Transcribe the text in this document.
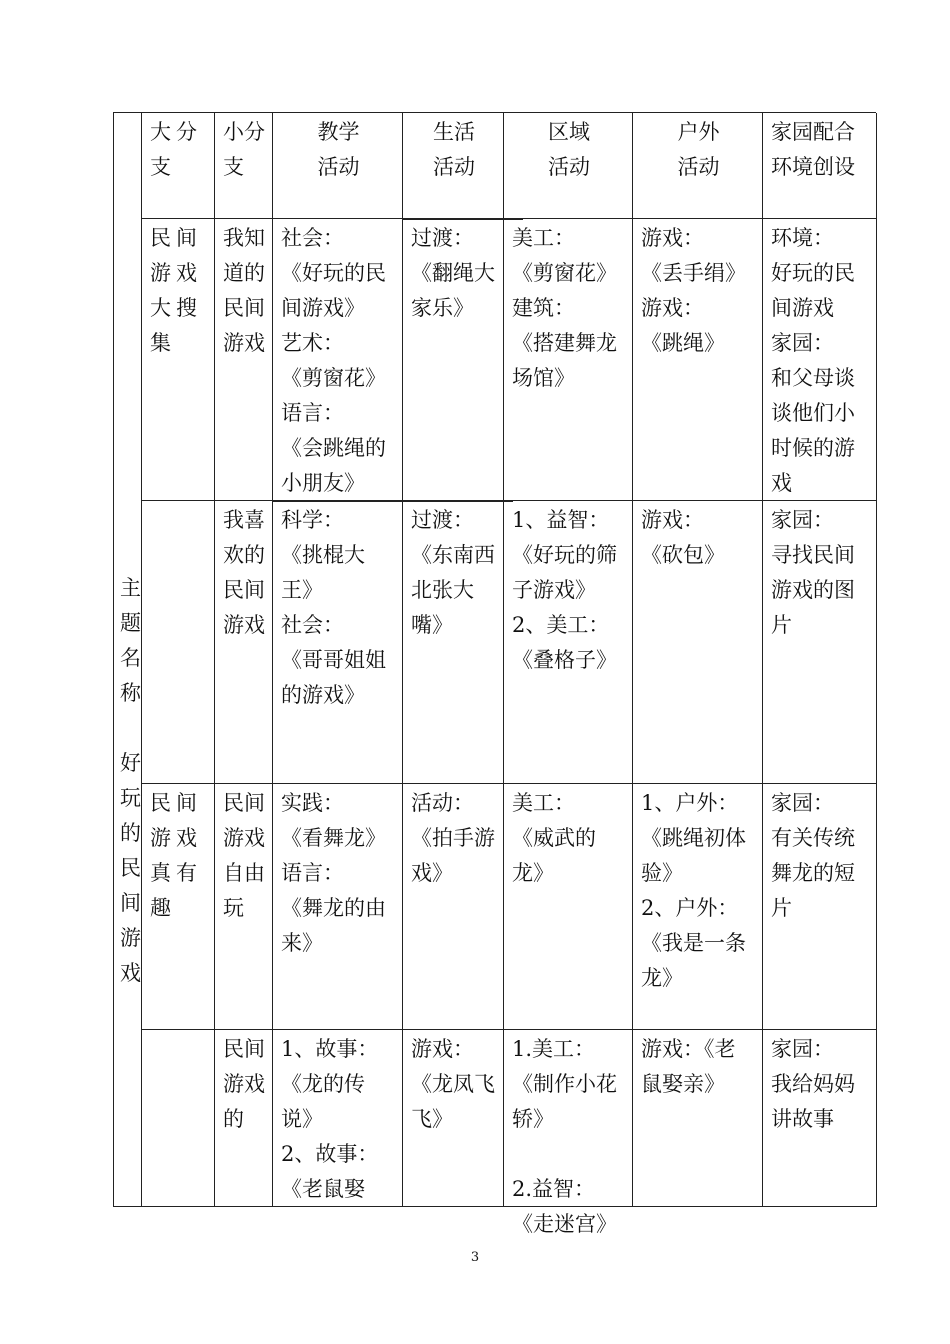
主题名称
好玩的民间游戏
大分支
小分支
教学
活动
生活
活动
区域
活动
户外
活动
家园配合环境创设
民间游戏大搜集
我知道的民间游戏
社会：
《好玩的民间游戏》
艺术：
《剪窗花》
语言：
《会跳绳的小朋友》
过渡：
《翻绳大家乐》
美工：
《剪窗花》
建筑：
《搭建舞龙场馆》
游戏：
《丢手绢》
游戏：
《跳绳》
环境：
好玩的民间游戏
家园：
和父母谈谈他们小时候的游戏
我喜欢的民间游戏
科学：
《挑棍大王》
社会：
《哥哥姐姐的游戏》
过渡：
《东南西北张大嘴》
1、益智：《好玩的筛子游戏》
2、美工：《叠格子》
游戏：
《砍包》
家园：
寻找民间游戏的图片
民间游戏真有趣
民间游戏自由玩
实践：
《看舞龙》
语言：
《舞龙的由来》
活动：
《拍手游戏》
美工：
《威武的龙》
1、户外：《跳绳初体验》
2、户外：《我是一条龙》
家园：
有关传统舞龙的短片
民间游戏的
1、故事：
《龙的传说》
2、故事：
《老鼠娶
游戏：
《龙凤飞飞》
1.美工：《制作小花轿》

2.益智：《走迷宫》
游戏：《老鼠娶亲》
家园：
我给妈妈讲故事
3
